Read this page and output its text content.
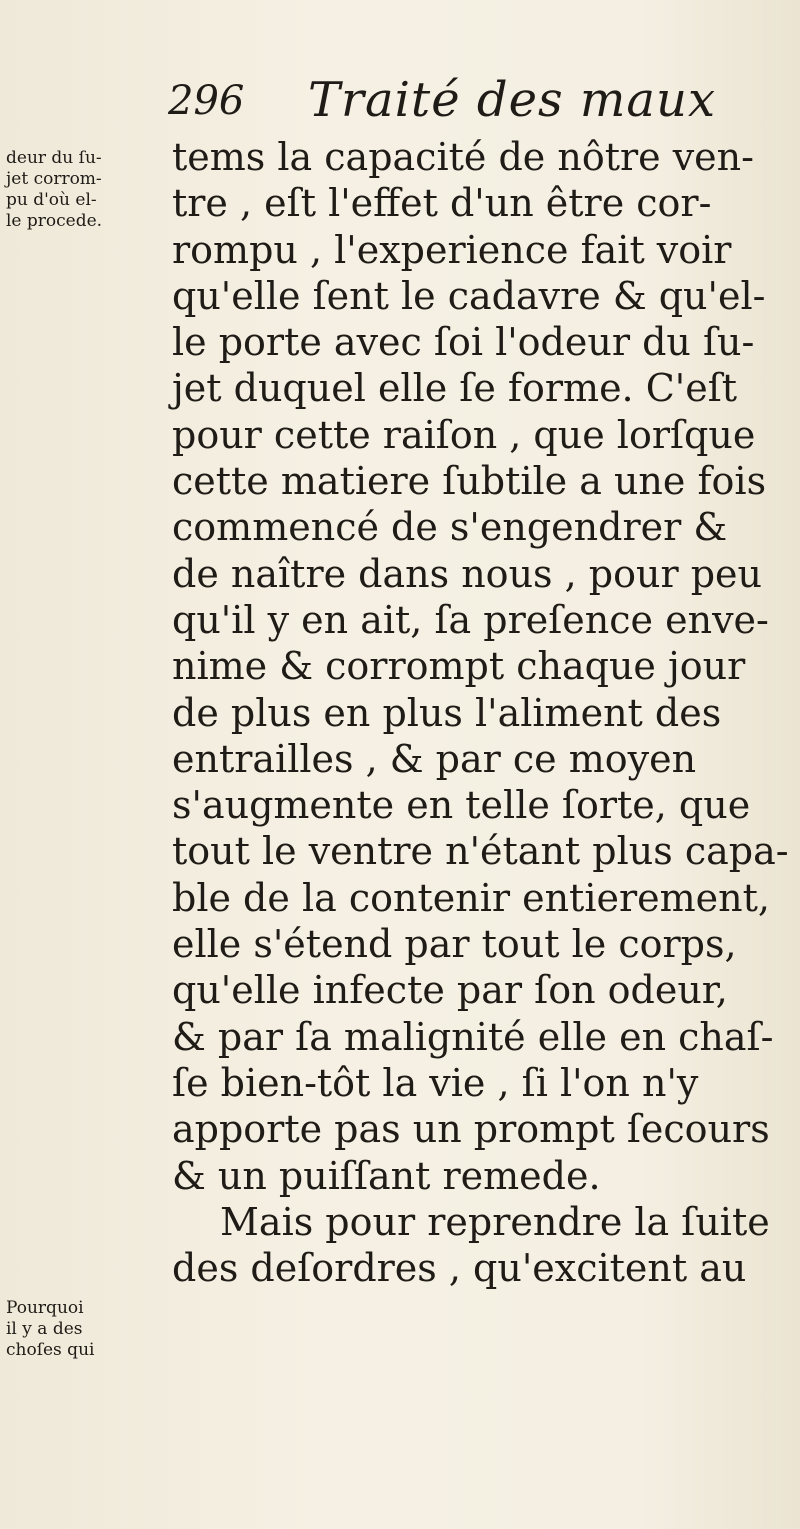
296 Traité des maux
deur du ſu-
jet corrom-
pu d'où el-
le procede.
Pourquoi
il y a des
choſes qui
tems la capacité de nôtre ven-
tre , eſt l'effet d'un être cor-
rompu , l'experience fait voir
qu'elle ſent le cadavre & qu'el-
le porte avec ſoi l'odeur du ſu-
jet duquel elle ſe forme. C'eſt
pour cette raiſon , que lorſque
cette matiere ſubtile a une fois
commencé de s'engendrer &
de naître dans nous , pour peu
qu'il y en ait, ſa preſence enve-
nime & corrompt chaque jour
de plus en plus l'aliment des
entrailles , & par ce moyen
s'augmente en telle ſorte, que
tout le ventre n'étant plus capa-
ble de la contenir entierement,
elle s'étend par tout le corps,
qu'elle infecte par ſon odeur,
& par ſa malignité elle en chaſ-
ſe bien-tôt la vie , ſi l'on n'y
apporte pas un prompt ſecours
& un puiſſant remede.
Mais pour reprendre la ſuite
des deſordres , qu'excitent au
